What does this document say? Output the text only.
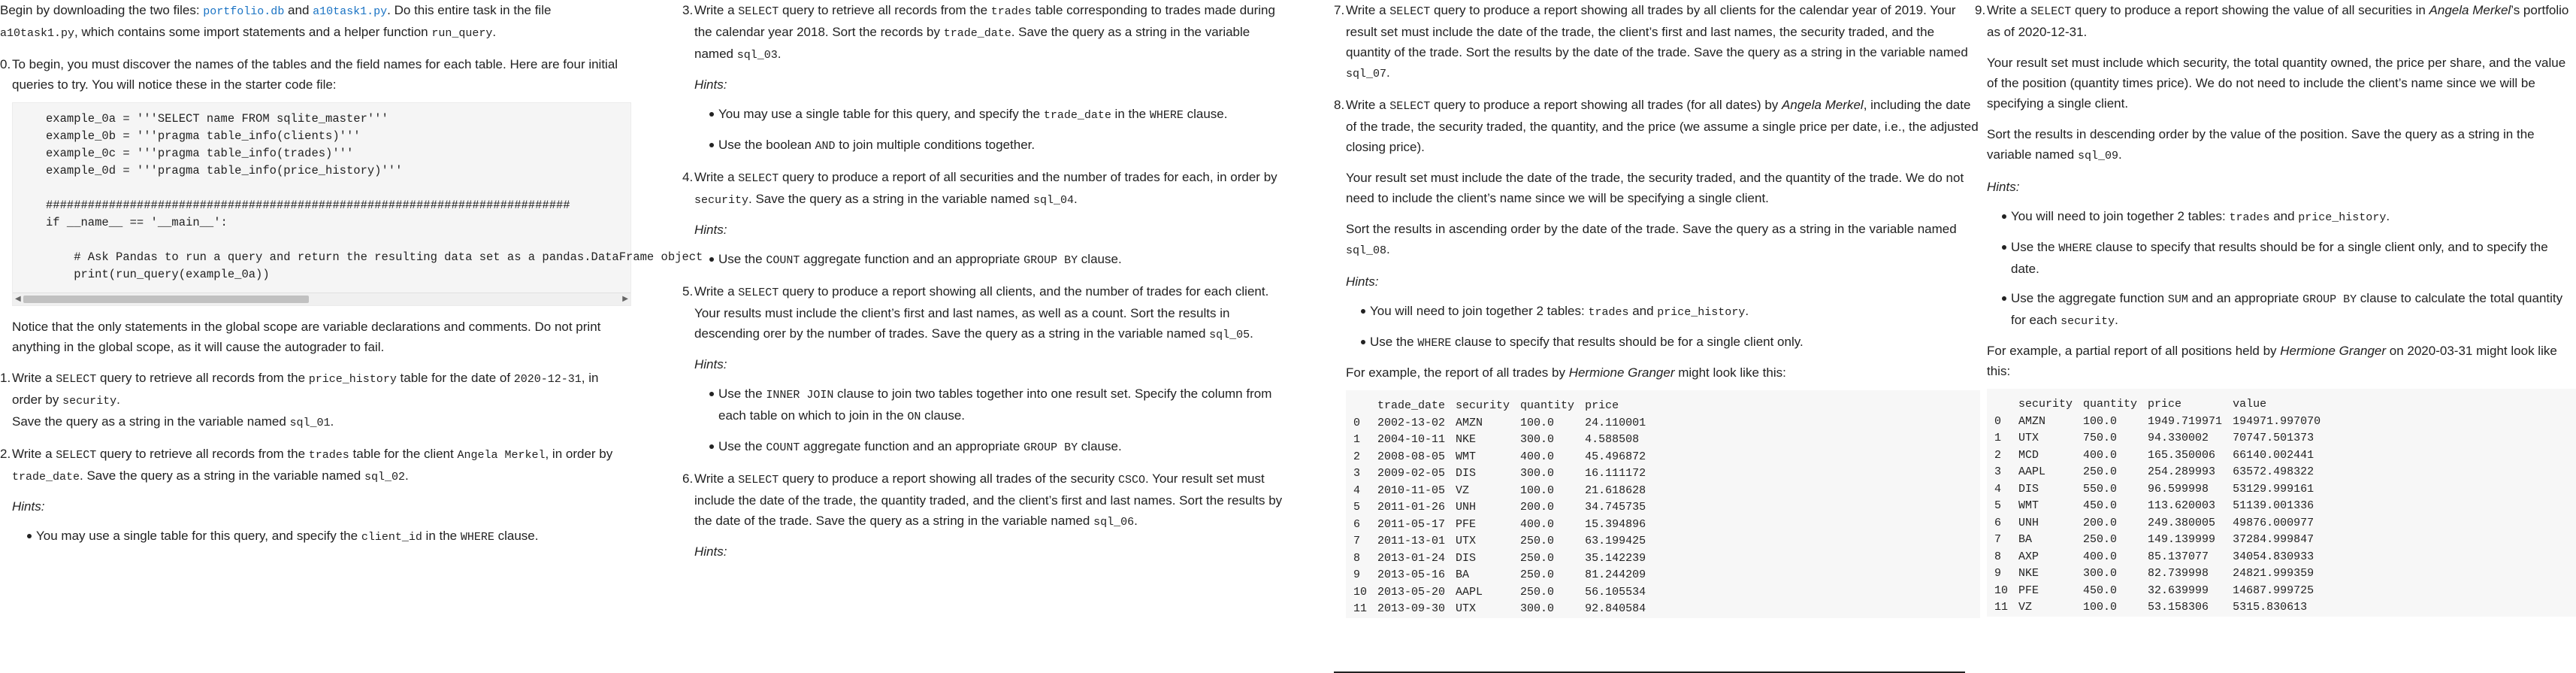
Begin by downloading the two files: portfolio.db and a10task1.py. Do this entire task in the file a10task1.py, which contains some import statements and a helper function run_query.

0. To begin, you must discover the names of the tables and the field names for each table. Here are four initial queries to try. You will notice these in the starter code file:
example_0a = '''SELECT name FROM sqlite_master'''
example_0b = '''pragma table_info(clients)'''
example_0c = '''pragma table_info(trades)'''
example_0d = '''pragma table_info(price_history)'''

###########################################################################
if __name__ == '__main__':

# Ask Pandas to run a query and return the resulting data set as a pandas.DataFrame object
print(run_query(example_0a))
◀	▶
Notice that the only statements in the global scope are variable declarations and comments. Do not print anything in the global scope, as it will cause the autograder to fail.
1. Write a SELECT query to retrieve all records from the price_history table for the date of 2020-12-31, in order by security.
Save the query as a string in the variable named sql_01.
2. Write a SELECT query to retrieve all records from the trades table for the client Angela Merkel, in order by trade_date. Save the query as a string in the variable named sql_02.
Hints:
You may use a single table for this query, and specify the client_id in the WHERE clause.
3. Write a SELECT query to retrieve all records from the trades table corresponding to trades made during the calendar year 2018. Sort the records by trade_date. Save the query as a string in the variable named sql_03.
Hints:
You may use a single table for this query, and specify the trade_date in the WHERE clause.
Use the boolean AND to join multiple conditions together.
4. Write a SELECT query to produce a report of all securities and the number of trades for each, in order by security. Save the query as a string in the variable named sql_04.
Hints:
Use the COUNT aggregate function and an appropriate GROUP BY clause.
5. Write a SELECT query to produce a report showing all clients, and the number of trades for each client. Your results must include the client’s first and last names, as well as a count. Sort the results in descending orer by the number of trades. Save the query as a string in the variable named sql_05.
Hints:
Use the INNER JOIN clause to join two tables together into one result set. Specify the column from each table on which to join in the ON clause.
Use the COUNT aggregate function and an appropriate GROUP BY clause.
6. Write a SELECT query to produce a report showing all trades of the security CSCO. Your result set must include the date of the trade, the quantity traded, and the client’s first and last names. Sort the results by the date of the trade. Save the query as a string in the variable named sql_06.
Hints:
7. Write a SELECT query to produce a report showing all trades by all clients for the calendar year of 2019. Your result set must include the date of the trade, the client’s first and last names, the security traded, and the quantity of the trade. Sort the results by the date of the trade. Save the query as a string in the variable named sql_07.
8. Write a SELECT query to produce a report showing all trades (for all dates) by Angela Merkel, including the date of the trade, the security traded, the quantity, and the price (we assume a single price per date, i.e., the adjusted closing price).

Your result set must include the date of the trade, the security traded, and the quantity of the trade. We do not need to include the client’s name since we will be specifying a single client.

Sort the results in ascending order by the date of the trade. Save the query as a string in the variable named sql_08.

Hints:
You will need to join together 2 tables: trades and price_history.
Use the WHERE clause to specify that results should be for a single client only.
For example, the report of all trades by Hermione Granger might look like this:
	trade_date	security	quantity	price
0	2002-13-02	AMZN	100.0	24.110001
1	2004-10-11	NKE	300.0	4.588508
2	2008-08-05	WMT	400.0	45.496872
3	2009-02-05	DIS	300.0	16.111172
4	2010-11-05	VZ	100.0	21.618628
5	2011-01-26	UNH	200.0	34.745735
6	2011-05-17	PFE	400.0	15.394896
7	2011-13-01	UTX	250.0	63.199425
8	2013-01-24	DIS	250.0	35.142239
9	2013-05-16	BA	250.0	81.244209
10	2013-05-20	AAPL	250.0	56.105534
11	2013-09-30	UTX	300.0	92.840584
9. Write a SELECT query to produce a report showing the value of all securities in Angela Merkel’s portfolio as of 2020-12-31.

Your result set must include which security, the total quantity owned, the price per share, and the value of the position (quantity times price). We do not need to include the client’s name since we will be specifying a single client.

Sort the results in descending order by the value of the position. Save the query as a string in the variable named sql_09.

Hints:
You will need to join together 2 tables: trades and price_history.
Use the WHERE clause to specify that results should be for a single client only, and to specify the date.
Use the aggregate function SUM and an appropriate GROUP BY clause to calculate the total quantity for each security.
For example, a partial report of all positions held by Hermione Granger on 2020-03-31 might look like this:
	security	quantity	price	value
0	AMZN	100.0	1949.719971	194971.997070
1	UTX	750.0	94.330002	70747.501373
2	MCD	400.0	165.350006	66140.002441
3	AAPL	250.0	254.289993	63572.498322
4	DIS	550.0	96.599998	53129.999161
5	WMT	450.0	113.620003	51139.001336
6	UNH	200.0	249.380005	49876.000977
7	BA	250.0	149.139999	37284.999847
8	AXP	400.0	85.137077	34054.830933
9	NKE	300.0	82.739998	24821.999359
10	PFE	450.0	32.639999	14687.999725
11	VZ	100.0	53.158306	5315.830613
